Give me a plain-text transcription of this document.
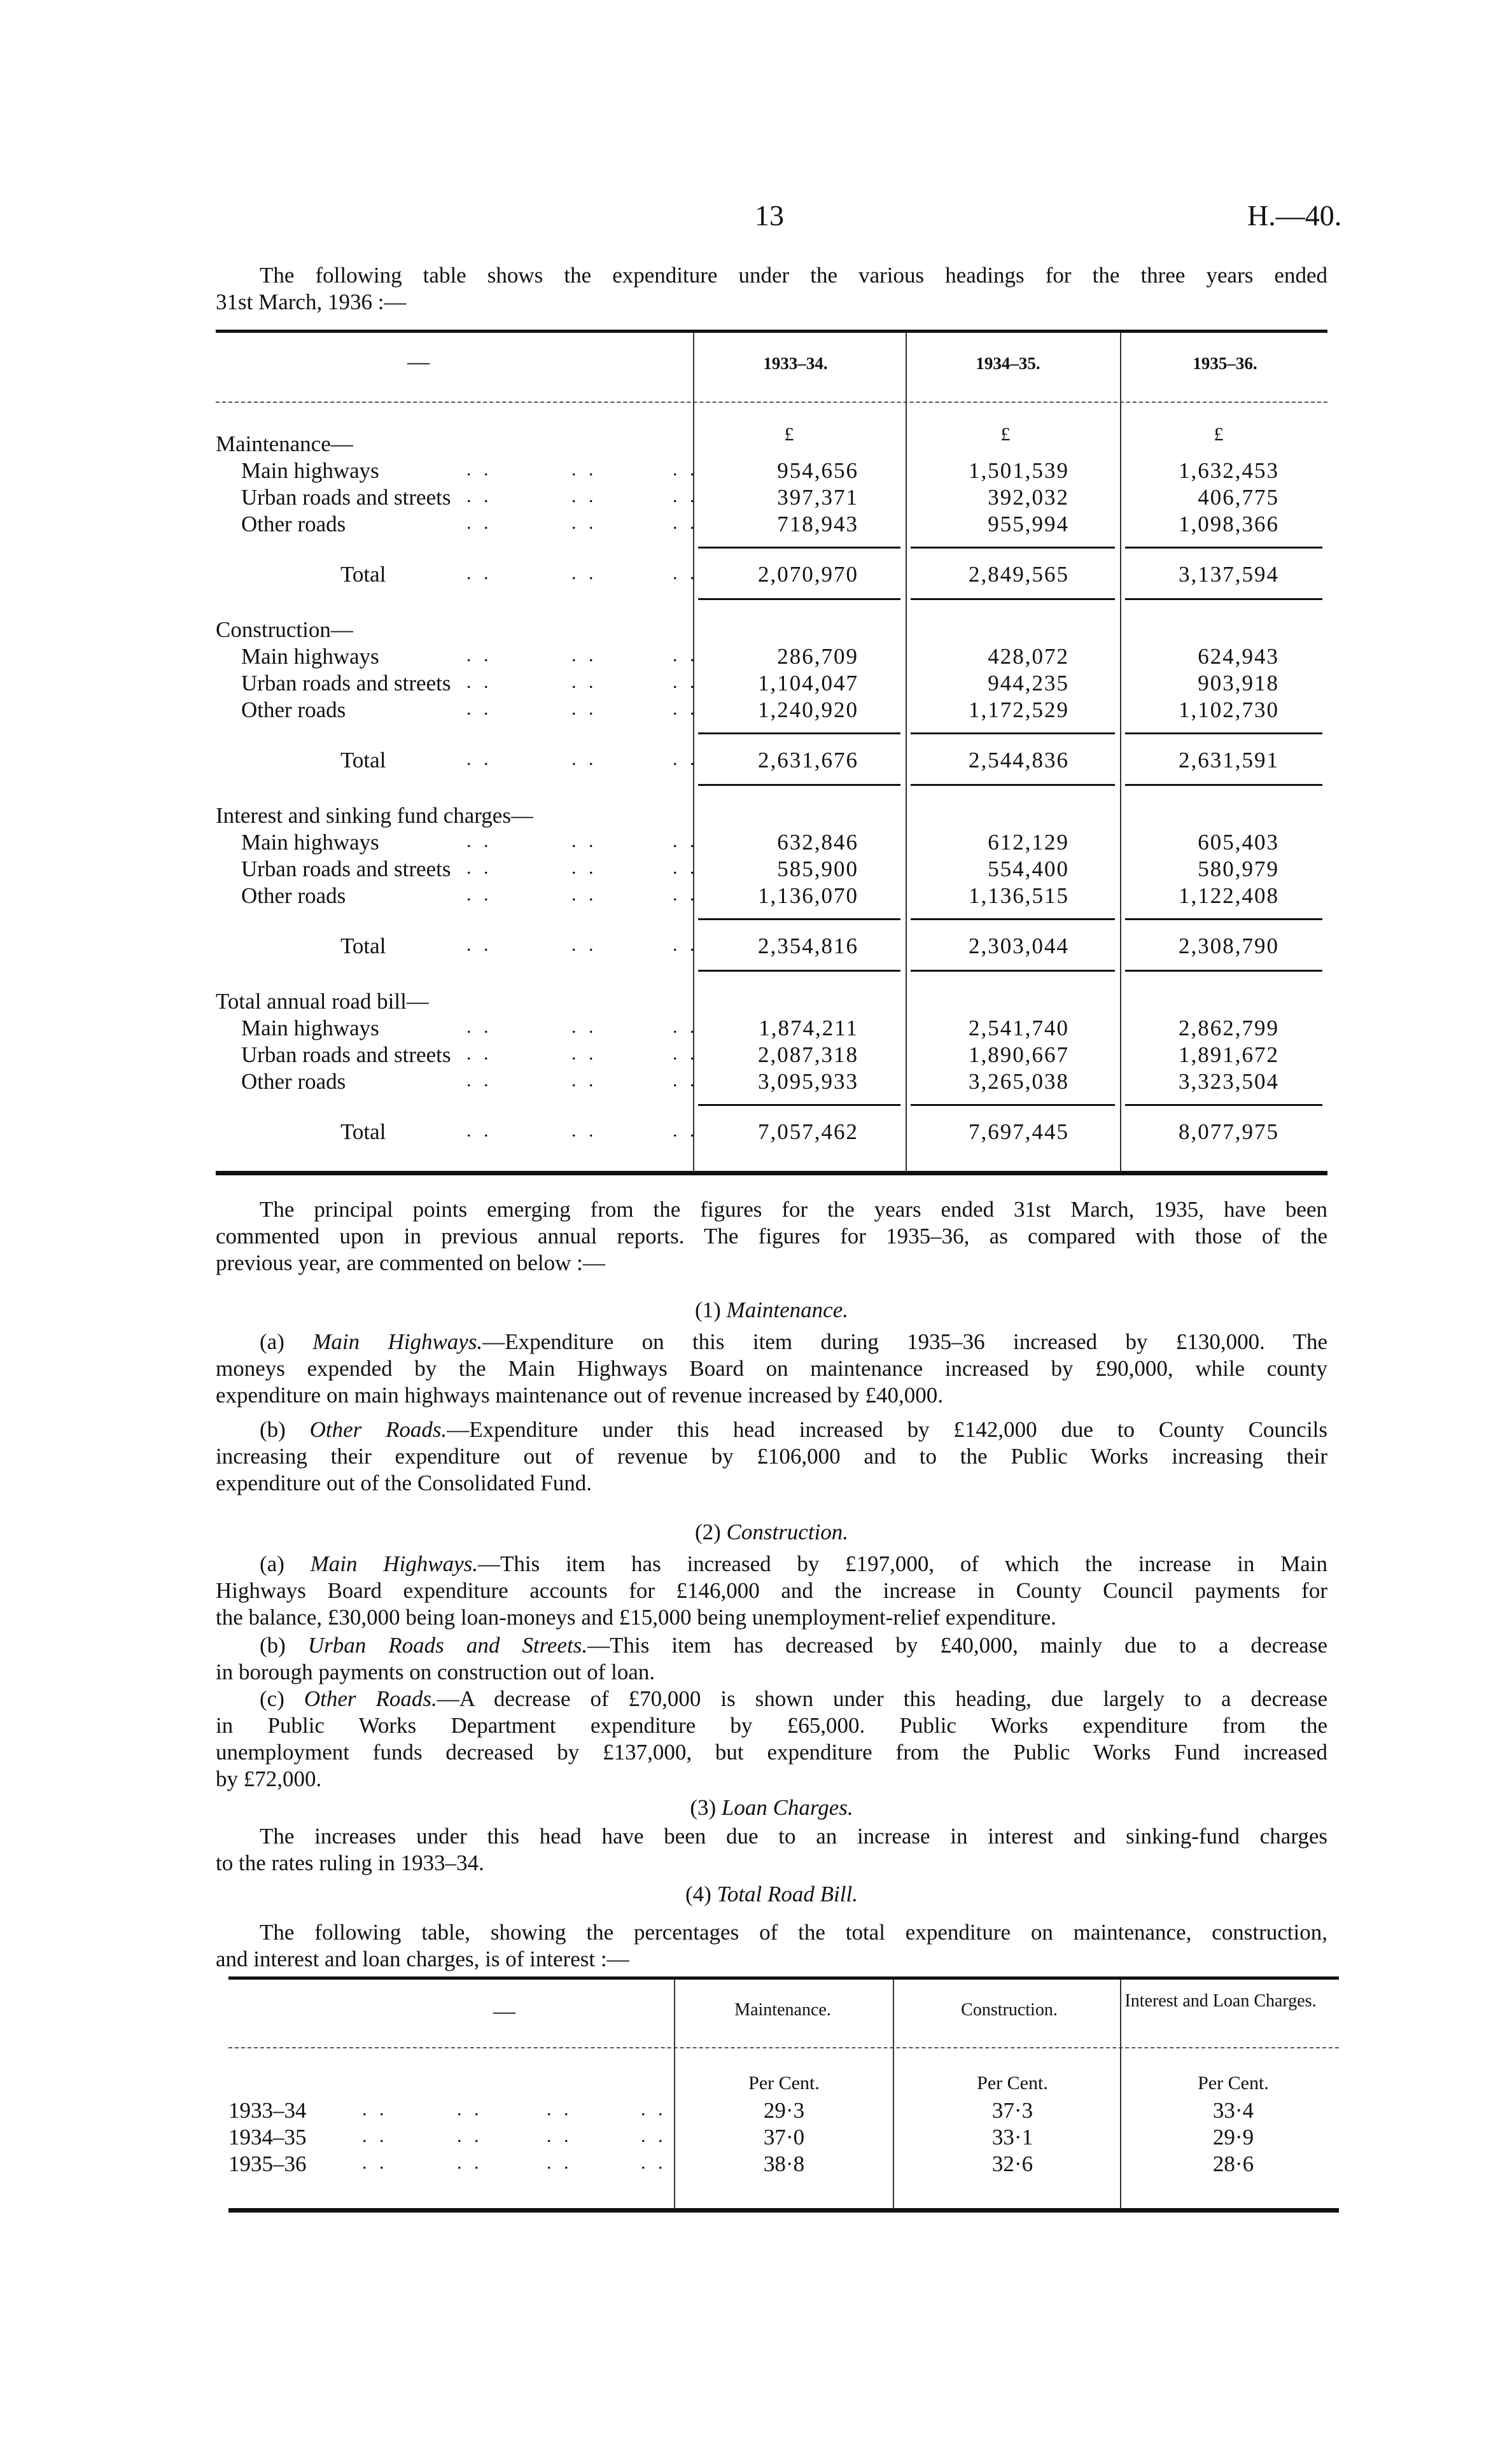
13	H.—40.
The following table shows the expenditure under the various headings for the three years ended
31st March, 1936 :—
—	1933–34.	1934–35.	1935–36.
£	£	£
Maintenance—
Main highways	. .	. .	. .	954,656	1,501,539	1,632,453
Urban roads and streets . .	. .	. .	397,371	392,032	406,775
Other roads	. .	. .	. .	718,943	955,994	1,098,366
Total	. .	. .	. .	2,070,970	2,849,565	3,137,594
Construction—
Main highways	. .	. .	. .	286,709	428,072	624,943
Urban roads and streets . .	. .	. .	1,104,047	944,235	903,918
Other roads	. .	. .	. .	1,240,920	1,172,529	1,102,730
Total	. .	. .	. .	2,631,676	2,544,836	2,631,591
Interest and sinking fund charges—
Main highways	. .	. .	. .	632,846	612,129	605,403
Urban roads and streets . .	. .	. .	585,900	554,400	580,979
Other roads	. .	. .	. .	1,136,070	1,136,515	1,122,408
Total	. .	. .	. .	2,354,816	2,303,044	2,308,790
Total annual road bill—
Main highways	. .	. .	. .	1,874,211	2,541,740	2,862,799
Urban roads and streets . .	. .	. .	2,087,318	1,890,667	1,891,672
Other roads	. .	. .	. .	3,095,933	3,265,038	3,323,504
Total	. .	. .	. .	7,057,462	7,697,445	8,077,975
The principal points emerging from the figures for the years ended 31st March, 1935, have been
commented upon in previous annual reports. The figures for 1935–36, as compared with those of the
previous year, are commented on below :—
(1) Maintenance.
(a) Main Highways.—Expenditure on this item during 1935–36 increased by £130,000. The
moneys expended by the Main Highways Board on maintenance increased by £90,000, while county
expenditure on main highways maintenance out of revenue increased by £40,000.
(b) Other Roads.—Expenditure under this head increased by £142,000 due to County Councils
increasing their expenditure out of revenue by £106,000 and to the Public Works increasing their
expenditure out of the Consolidated Fund.
(2) Construction.
(a) Main Highways.—This item has increased by £197,000, of which the increase in Main
Highways Board expenditure accounts for £146,000 and the increase in County Council payments for
the balance, £30,000 being loan-moneys and £15,000 being unemployment-relief expenditure.
(b) Urban Roads and Streets.—This item has decreased by £40,000, mainly due to a decrease
in borough payments on construction out of loan.
(c) Other Roads.—A decrease of £70,000 is shown under this heading, due largely to a decrease
in Public Works Department expenditure by £65,000. Public Works expenditure from the
unemployment funds decreased by £137,000, but expenditure from the Public Works Fund increased
by £72,000.
(3) Loan Charges.
The increases under this head have been due to an increase in interest and sinking-fund charges
to the rates ruling in 1933–34.
(4) Total Road Bill.
The following table, showing the percentages of the total expenditure on maintenance, construction,
and interest and loan charges, is of interest :—
—	Maintenance.	Construction.	Interest and Loan Charges.
Per Cent.	Per Cent.	Per Cent.
1933–34	. .	. .	. .	. .	29·3	37·3	33·4
1934–35	. .	. .	. .	. .	37·0	33·1	29·9
1935–36	. .	. .	. .	. .	38·8	32·6	28·6
